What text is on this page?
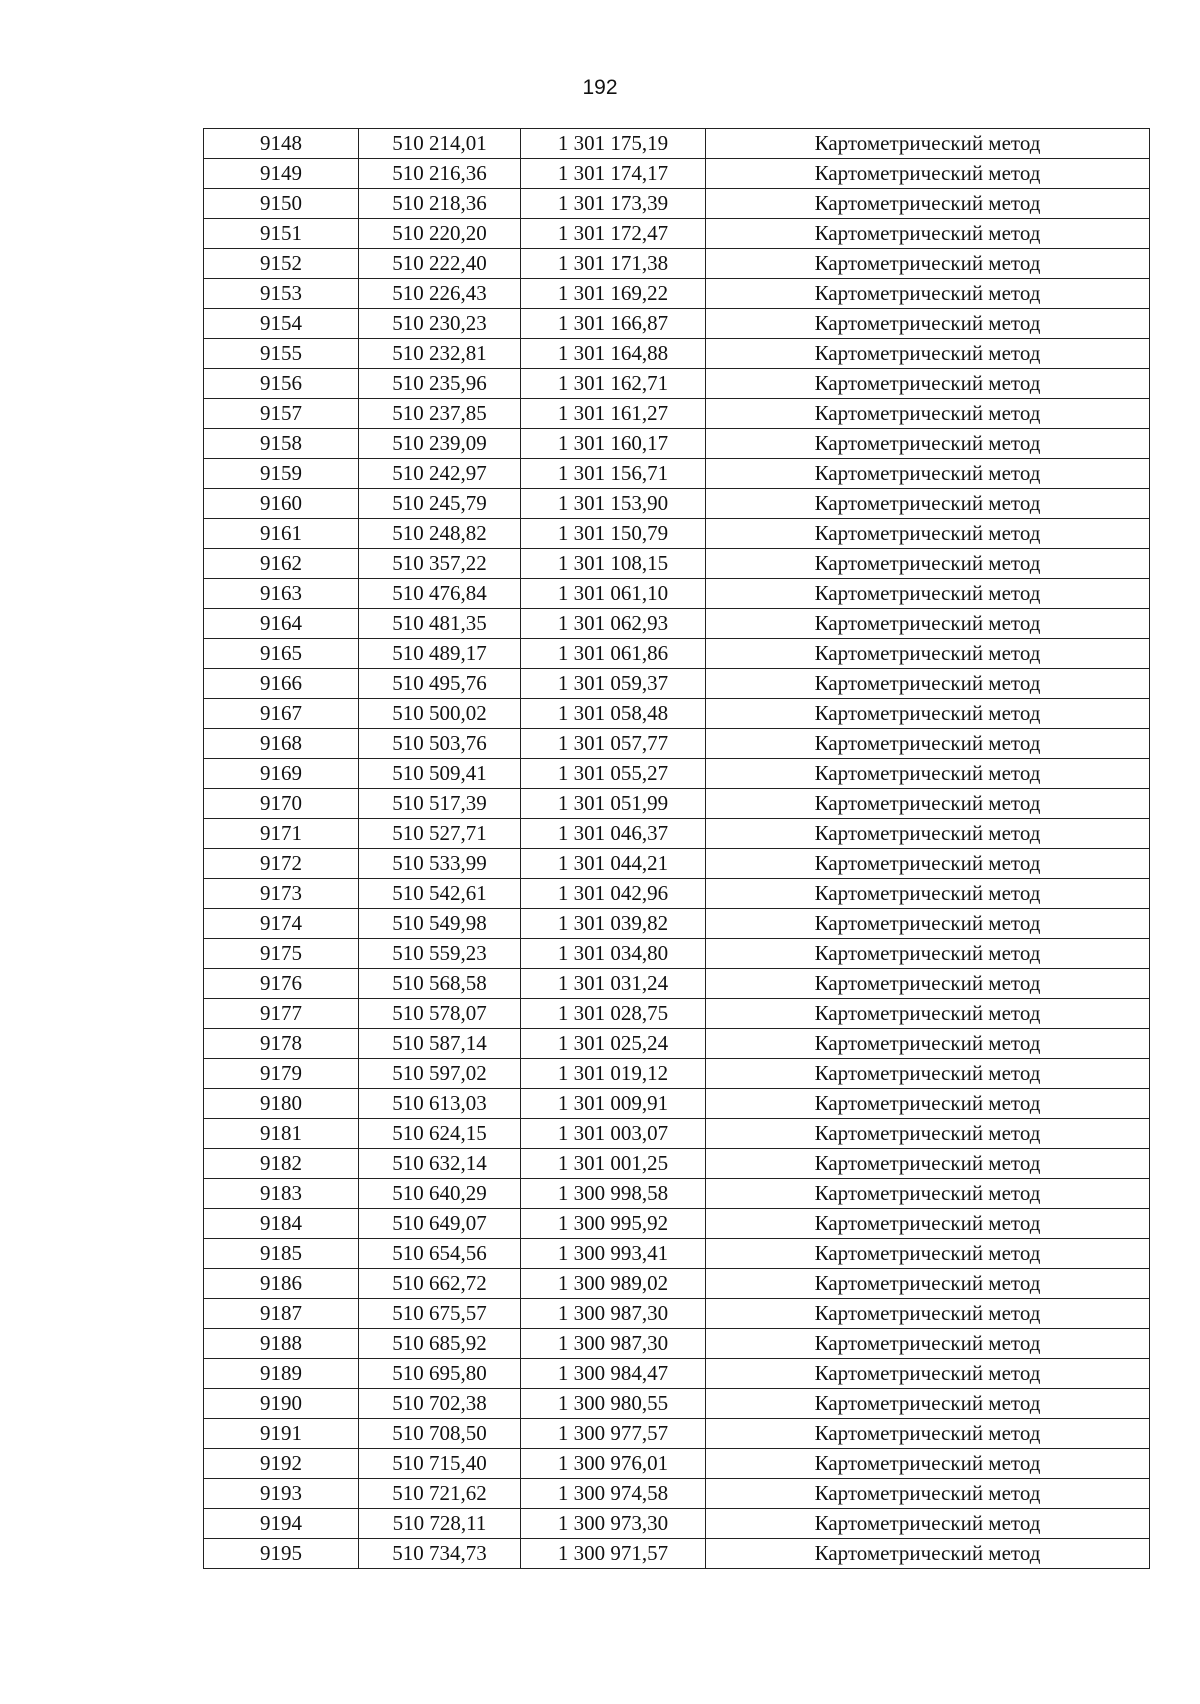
192
9148	510 214,01	1 301 175,19	Картометрический метод
9149	510 216,36	1 301 174,17	Картометрический метод
9150	510 218,36	1 301 173,39	Картометрический метод
9151	510 220,20	1 301 172,47	Картометрический метод
9152	510 222,40	1 301 171,38	Картометрический метод
9153	510 226,43	1 301 169,22	Картометрический метод
9154	510 230,23	1 301 166,87	Картометрический метод
9155	510 232,81	1 301 164,88	Картометрический метод
9156	510 235,96	1 301 162,71	Картометрический метод
9157	510 237,85	1 301 161,27	Картометрический метод
9158	510 239,09	1 301 160,17	Картометрический метод
9159	510 242,97	1 301 156,71	Картометрический метод
9160	510 245,79	1 301 153,90	Картометрический метод
9161	510 248,82	1 301 150,79	Картометрический метод
9162	510 357,22	1 301 108,15	Картометрический метод
9163	510 476,84	1 301 061,10	Картометрический метод
9164	510 481,35	1 301 062,93	Картометрический метод
9165	510 489,17	1 301 061,86	Картометрический метод
9166	510 495,76	1 301 059,37	Картометрический метод
9167	510 500,02	1 301 058,48	Картометрический метод
9168	510 503,76	1 301 057,77	Картометрический метод
9169	510 509,41	1 301 055,27	Картометрический метод
9170	510 517,39	1 301 051,99	Картометрический метод
9171	510 527,71	1 301 046,37	Картометрический метод
9172	510 533,99	1 301 044,21	Картометрический метод
9173	510 542,61	1 301 042,96	Картометрический метод
9174	510 549,98	1 301 039,82	Картометрический метод
9175	510 559,23	1 301 034,80	Картометрический метод
9176	510 568,58	1 301 031,24	Картометрический метод
9177	510 578,07	1 301 028,75	Картометрический метод
9178	510 587,14	1 301 025,24	Картометрический метод
9179	510 597,02	1 301 019,12	Картометрический метод
9180	510 613,03	1 301 009,91	Картометрический метод
9181	510 624,15	1 301 003,07	Картометрический метод
9182	510 632,14	1 301 001,25	Картометрический метод
9183	510 640,29	1 300 998,58	Картометрический метод
9184	510 649,07	1 300 995,92	Картометрический метод
9185	510 654,56	1 300 993,41	Картометрический метод
9186	510 662,72	1 300 989,02	Картометрический метод
9187	510 675,57	1 300 987,30	Картометрический метод
9188	510 685,92	1 300 987,30	Картометрический метод
9189	510 695,80	1 300 984,47	Картометрический метод
9190	510 702,38	1 300 980,55	Картометрический метод
9191	510 708,50	1 300 977,57	Картометрический метод
9192	510 715,40	1 300 976,01	Картометрический метод
9193	510 721,62	1 300 974,58	Картометрический метод
9194	510 728,11	1 300 973,30	Картометрический метод
9195	510 734,73	1 300 971,57	Картометрический метод
